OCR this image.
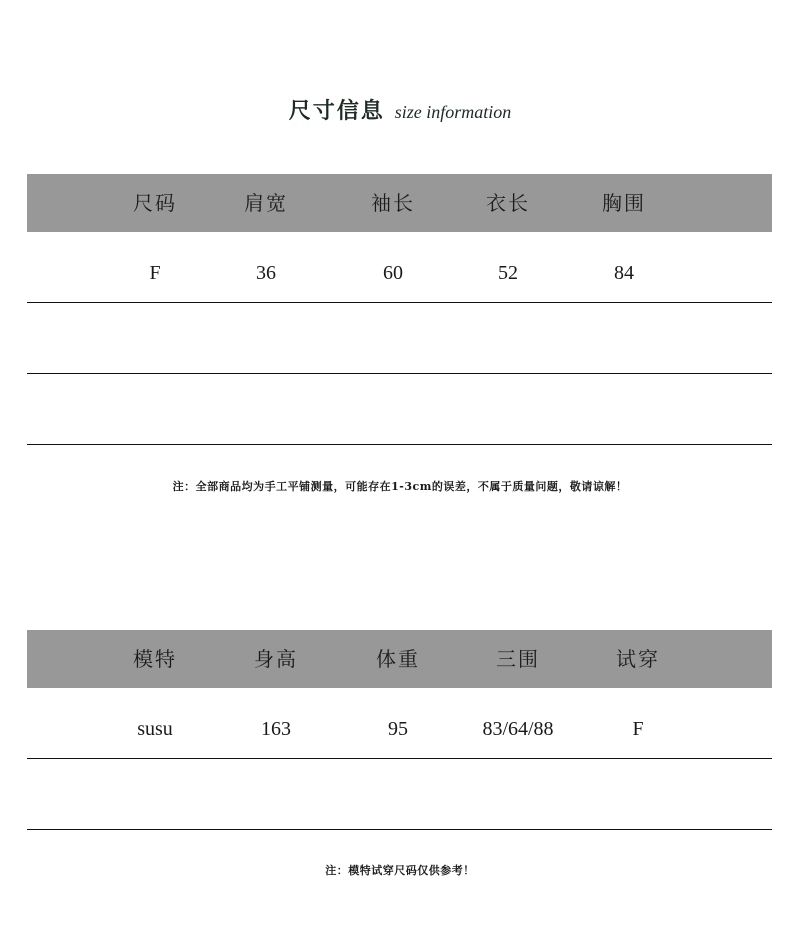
尺寸信息 size information
尺码	肩宽	袖长	衣长	胸围
F	36	60	52	84
注：全部商品均为手工平铺测量，可能存在1-3cm的误差，不属于质量问题，敬请谅解！
模特	身高	体重	三围	试穿
susu	163	95	83/64/88	F
注：模特试穿尺码仅供参考！
